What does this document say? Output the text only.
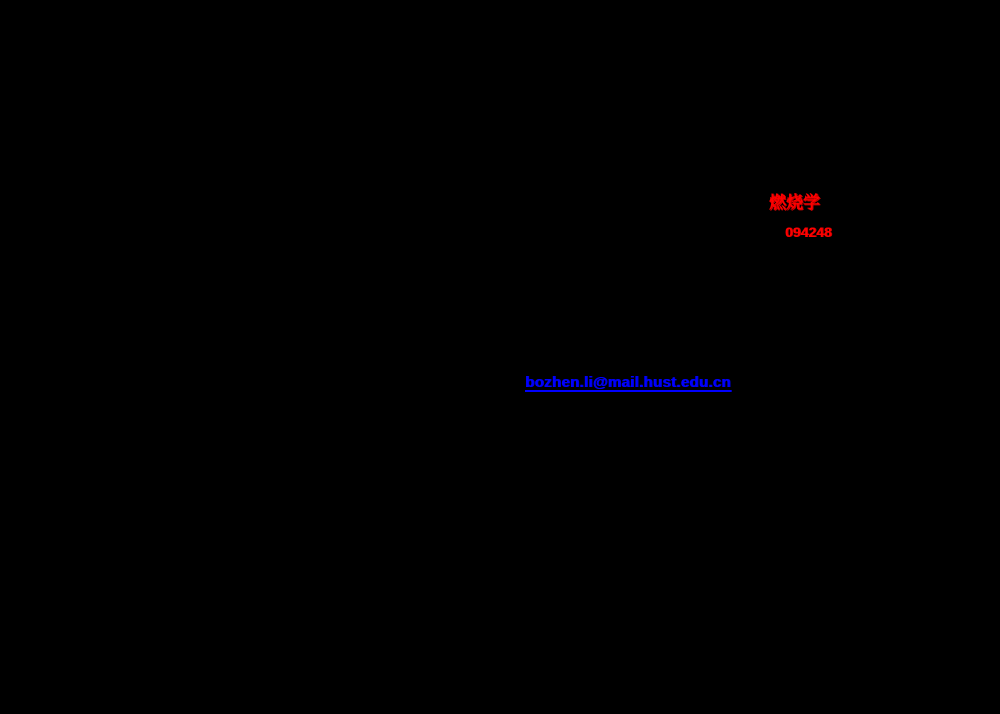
燃烧学
094248
bozhen.li@mail.hust.edu.cn
